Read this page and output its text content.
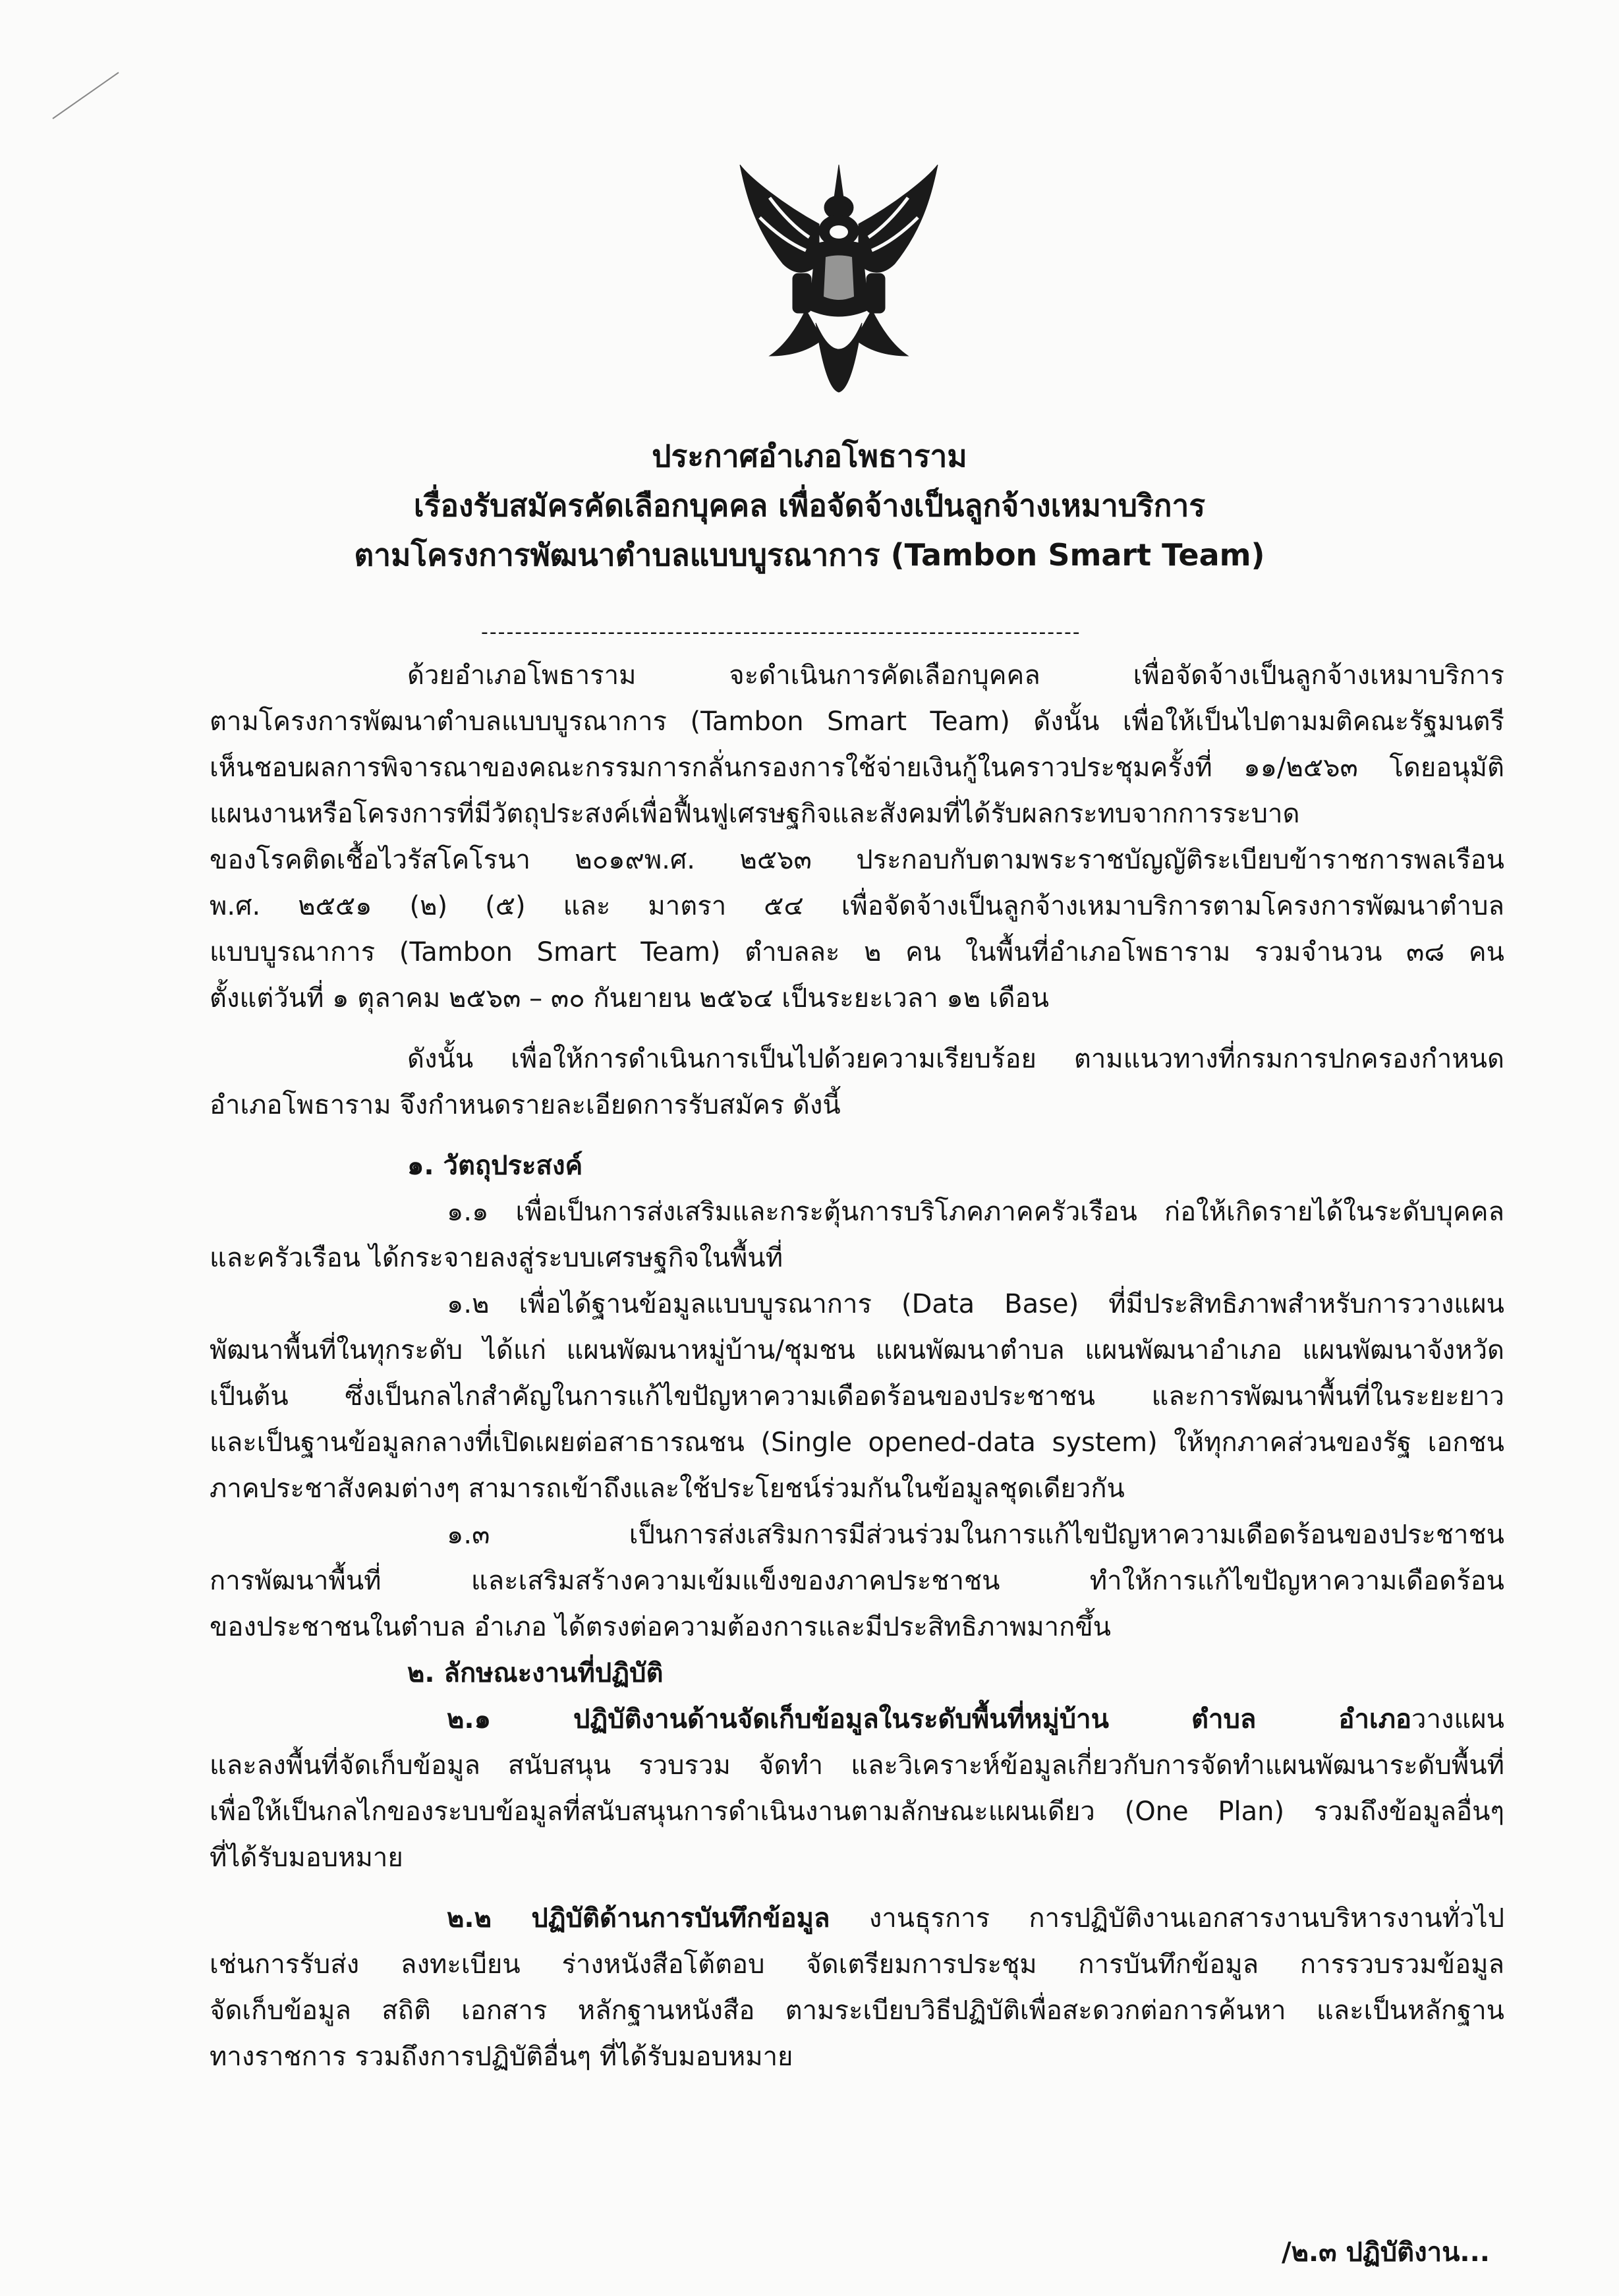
ประกาศอำเภอโพธาราม
เรื่องรับสมัครคัดเลือกบุคคล เพื่อจัดจ้างเป็นลูกจ้างเหมาบริการ
ตามโครงการพัฒนาตำบลแบบบูรณาการ (Tambon Smart Team)
-----------------------------------------------------------------------

ด้วยอำเภอโพธาราม จะดำเนินการคัดเลือกบุคคล เพื่อจัดจ้างเป็นลูกจ้างเหมาบริการ

ตามโครงการพัฒนาตำบลแบบบูรณาการ (Tambon Smart Team) ดังนั้น เพื่อให้เป็นไปตามมติคณะรัฐมนตรี

เห็นชอบผลการพิจารณาของคณะกรรมการกลั่นกรองการใช้จ่ายเงินกู้ในคราวประชุมครั้งที่ ๑๑/๒๕๖๓ โดยอนุมัติ

แผนงานหรือโครงการที่มีวัตถุประสงค์เพื่อฟื้นฟูเศรษฐกิจและสังคมที่ได้รับผลกระทบจากการระบาด

ของโรคติดเชื้อไวรัสโคโรนา ๒๐๑๙พ.ศ. ๒๕๖๓ ประกอบกับตามพระราชบัญญัติระเบียบข้าราชการพลเรือน

พ.ศ. ๒๕๕๑ (๒) (๕) และ มาตรา ๕๔ เพื่อจัดจ้างเป็นลูกจ้างเหมาบริการตามโครงการพัฒนาตำบล

แบบบูรณาการ (Tambon Smart Team) ตำบลละ ๒ คน ในพื้นที่อำเภอโพธาราม รวมจำนวน ๓๘ คน

ตั้งแต่วันที่ ๑ ตุลาคม ๒๕๖๓ – ๓๐ กันยายน ๒๕๖๔ เป็นระยะเวลา ๑๒ เดือน

ดังนั้น เพื่อให้การดำเนินการเป็นไปด้วยความเรียบร้อย ตามแนวทางที่กรมการปกครองกำหนด

อำเภอโพธาราม จึงกำหนดรายละเอียดการรับสมัคร ดังนี้

๑. วัตถุประสงค์

๑.๑ เพื่อเป็นการส่งเสริมและกระตุ้นการบริโภคภาคครัวเรือน ก่อให้เกิดรายได้ในระดับบุคคล

และครัวเรือน ได้กระจายลงสู่ระบบเศรษฐกิจในพื้นที่

๑.๒ เพื่อได้ฐานข้อมูลแบบบูรณาการ (Data Base) ที่มีประสิทธิภาพสำหรับการวางแผน

พัฒนาพื้นที่ในทุกระดับ ได้แก่ แผนพัฒนาหมู่บ้าน/ชุมชน แผนพัฒนาตำบล แผนพัฒนาอำเภอ แผนพัฒนาจังหวัด

เป็นต้น ซึ่งเป็นกลไกสำคัญในการแก้ไขปัญหาความเดือดร้อนของประชาชน และการพัฒนาพื้นที่ในระยะยาว

และเป็นฐานข้อมูลกลางที่เปิดเผยต่อสาธารณชน (Single opened-data system) ให้ทุกภาคส่วนของรัฐ เอกชน

ภาคประชาสังคมต่างๆ สามารถเข้าถึงและใช้ประโยชน์ร่วมกันในข้อมูลชุดเดียวกัน

๑.๓ เป็นการส่งเสริมการมีส่วนร่วมในการแก้ไขปัญหาความเดือดร้อนของประชาชน

การพัฒนาพื้นที่ และเสริมสร้างความเข้มแข็งของภาคประชาชน ทำให้การแก้ไขปัญหาความเดือดร้อน

ของประชาชนในตำบล อำเภอ ได้ตรงต่อความต้องการและมีประสิทธิภาพมากขึ้น

๒. ลักษณะงานที่ปฏิบัติ

๒.๑ ปฏิบัติงานด้านจัดเก็บข้อมูลในระดับพื้นที่หมู่บ้าน ตำบล อำเภอวางแผน

และลงพื้นที่จัดเก็บข้อมูล สนับสนุน รวบรวม จัดทำ และวิเคราะห์ข้อมูลเกี่ยวกับการจัดทำแผนพัฒนาระดับพื้นที่

เพื่อให้เป็นกลไกของระบบข้อมูลที่สนับสนุนการดำเนินงานตามลักษณะแผนเดียว (One Plan) รวมถึงข้อมูลอื่นๆ

ที่ได้รับมอบหมาย

๒.๒ ปฏิบัติด้านการบันทึกข้อมูล งานธุรการ การปฏิบัติงานเอกสารงานบริหารงานทั่วไป

เช่นการรับส่ง ลงทะเบียน ร่างหนังสือโต้ตอบ จัดเตรียมการประชุม การบันทึกข้อมูล การรวบรวมข้อมูล

จัดเก็บข้อมูล สถิติ เอกสาร หลักฐานหนังสือ ตามระเบียบวิธีปฏิบัติเพื่อสะดวกต่อการค้นหา และเป็นหลักฐาน

ทางราชการ รวมถึงการปฏิบัติอื่นๆ ที่ได้รับมอบหมาย

/๒.๓ ปฏิบัติงาน...
